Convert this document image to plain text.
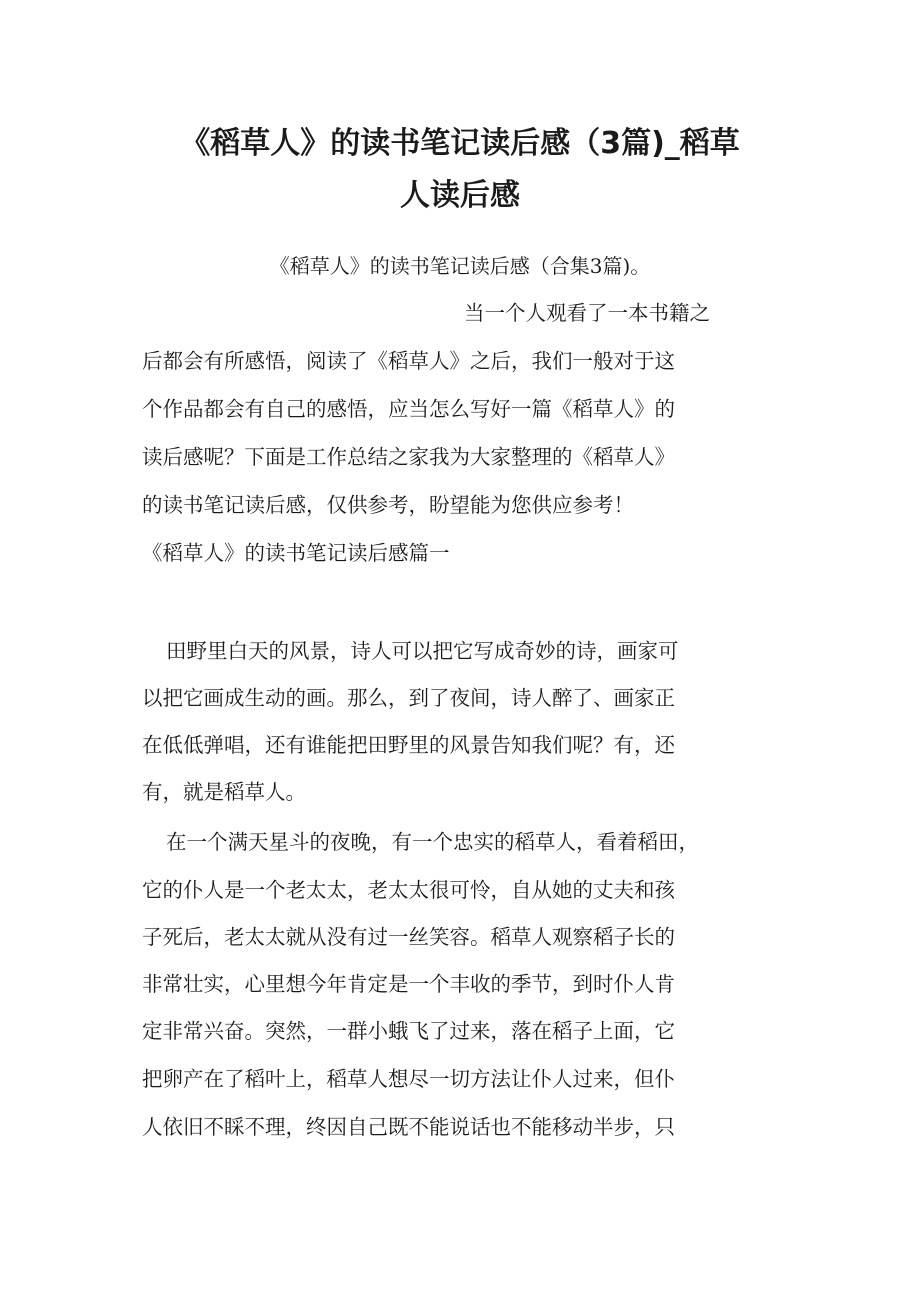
《稻草人》的读书笔记读后感（3篇)_稻草
人读后感
《稻草人》的读书笔记读后感（合集3篇)。
当一个人观看了一本书籍之
后都会有所感悟，阅读了《稻草人》之后，我们一般对于这
个作品都会有自己的感悟，应当怎么写好一篇《稻草人》的
读后感呢？下面是工作总结之家我为大家整理的《稻草人》
的读书笔记读后感，仅供参考，盼望能为您供应参考！
《稻草人》的读书笔记读后感篇一
田野里白天的风景，诗人可以把它写成奇妙的诗，画家可
以把它画成生动的画。那么，到了夜间，诗人醉了、画家正
在低低弹唱，还有谁能把田野里的风景告知我们呢？有，还
有，就是稻草人。
在一个满天星斗的夜晚，有一个忠实的稻草人，看着稻田，
它的仆人是一个老太太，老太太很可怜，自从她的丈夫和孩
子死后，老太太就从没有过一丝笑容。稻草人观察稻子长的
非常壮实，心里想今年肯定是一个丰收的季节，到时仆人肯
定非常兴奋。突然，一群小蛾飞了过来，落在稻子上面，它
把卵产在了稻叶上，稻草人想尽一切方法让仆人过来，但仆
人依旧不睬不理，终因自己既不能说话也不能移动半步，只
